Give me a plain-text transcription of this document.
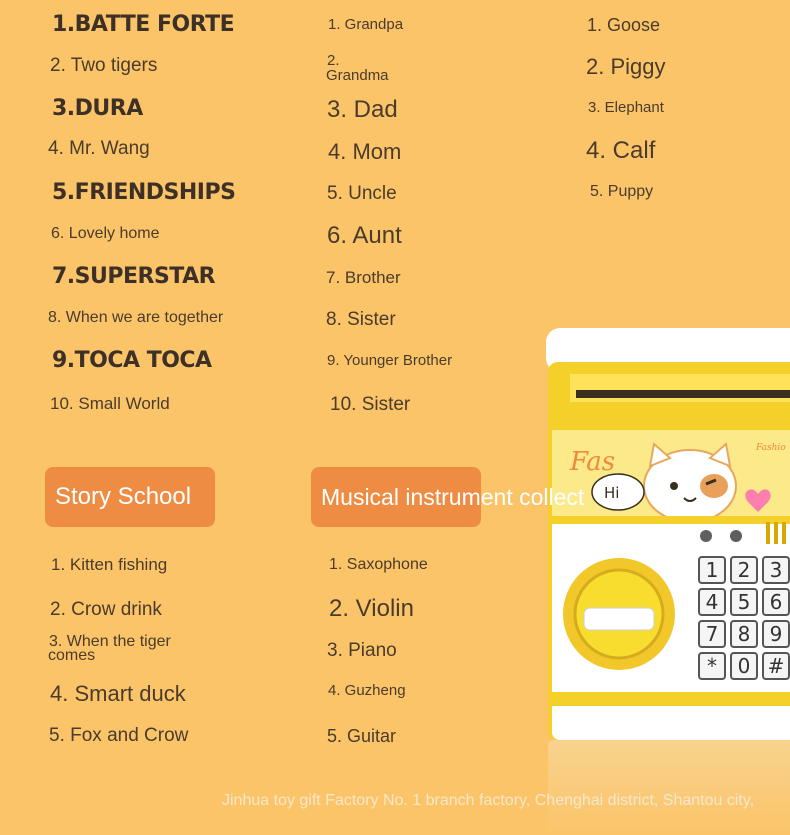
1.BATTE FORTE
2. Two tigers
3.DURA
4. Mr. Wang
5.FRIENDSHIPS
6. Lovely home
7.SUPERSTAR
8. When we are together
9.TOCA TOCA
10. Small World
1. Grandpa
2.
Grandma
3. Dad
4. Mom
5. Uncle
6. Aunt
7. Brother
8. Sister
9. Younger Brother
10. Sister
1. Goose
2. Piggy
3. Elephant
4. Calf
5. Puppy
Story School	Musical instrument collect
1. Kitten fishing
2. Crow drink
3. When the tiger
comes
4. Smart duck
5. Fox and Crow
1. Saxophone
2. Violin
3. Piano
4. Guzheng
5. Guitar
Fas	Fashio
Hi
1 2 3
4 5 6
7 8 9
*	0 #
Jinhua toy gift Factory No. 1 branch factory, Chenghai district, Shantou city,
